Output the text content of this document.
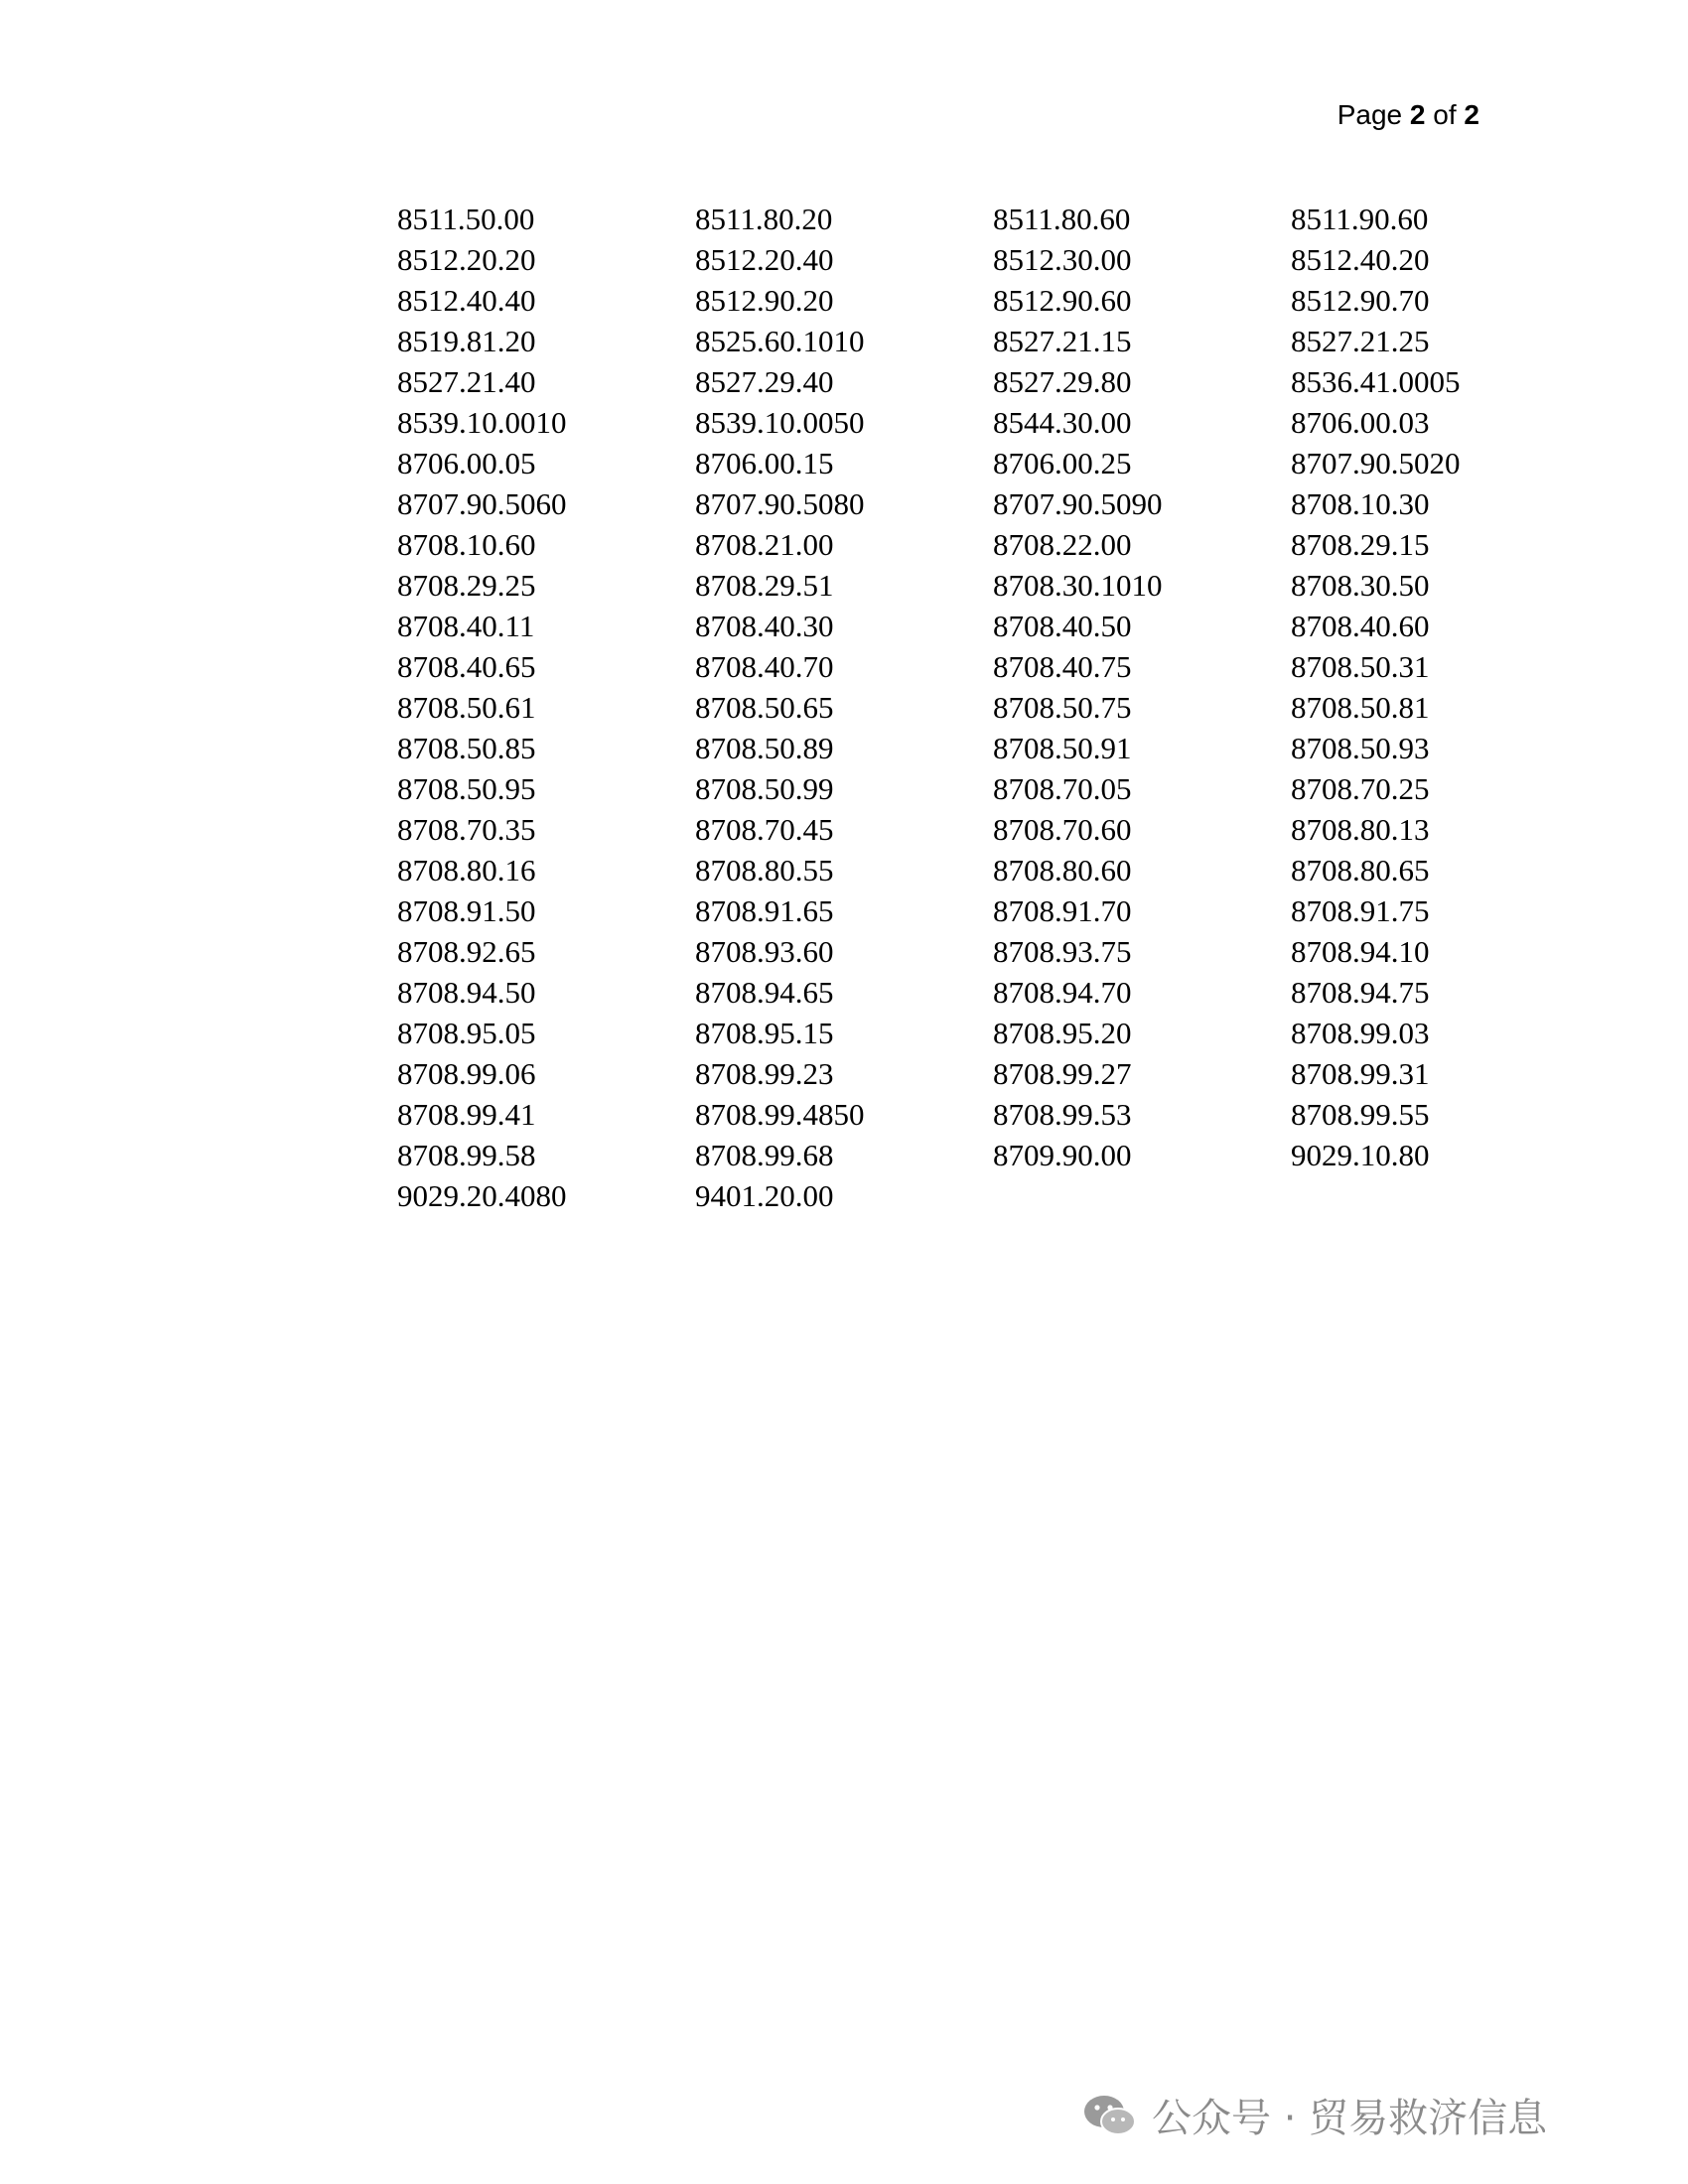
Page 2 of 2
8511.50.00	8511.80.20	8511.80.60	8511.90.60
8512.20.20	8512.20.40	8512.30.00	8512.40.20
8512.40.40	8512.90.20	8512.90.60	8512.90.70
8519.81.20	8525.60.1010	8527.21.15	8527.21.25
8527.21.40	8527.29.40	8527.29.80	8536.41.0005
8539.10.0010	8539.10.0050	8544.30.00	8706.00.03
8706.00.05	8706.00.15	8706.00.25	8707.90.5020
8707.90.5060	8707.90.5080	8707.90.5090	8708.10.30
8708.10.60	8708.21.00	8708.22.00	8708.29.15
8708.29.25	8708.29.51	8708.30.1010	8708.30.50
8708.40.11	8708.40.30	8708.40.50	8708.40.60
8708.40.65	8708.40.70	8708.40.75	8708.50.31
8708.50.61	8708.50.65	8708.50.75	8708.50.81
8708.50.85	8708.50.89	8708.50.91	8708.50.93
8708.50.95	8708.50.99	8708.70.05	8708.70.25
8708.70.35	8708.70.45	8708.70.60	8708.80.13
8708.80.16	8708.80.55	8708.80.60	8708.80.65
8708.91.50	8708.91.65	8708.91.70	8708.91.75
8708.92.65	8708.93.60	8708.93.75	8708.94.10
8708.94.50	8708.94.65	8708.94.70	8708.94.75
8708.95.05	8708.95.15	8708.95.20	8708.99.03
8708.99.06	8708.99.23	8708.99.27	8708.99.31
8708.99.41	8708.99.4850	8708.99.53	8708.99.55
8708.99.58	8708.99.68	8709.90.00	9029.10.80
9029.20.4080	9401.20.00
公众号 · 贸易救济信息
